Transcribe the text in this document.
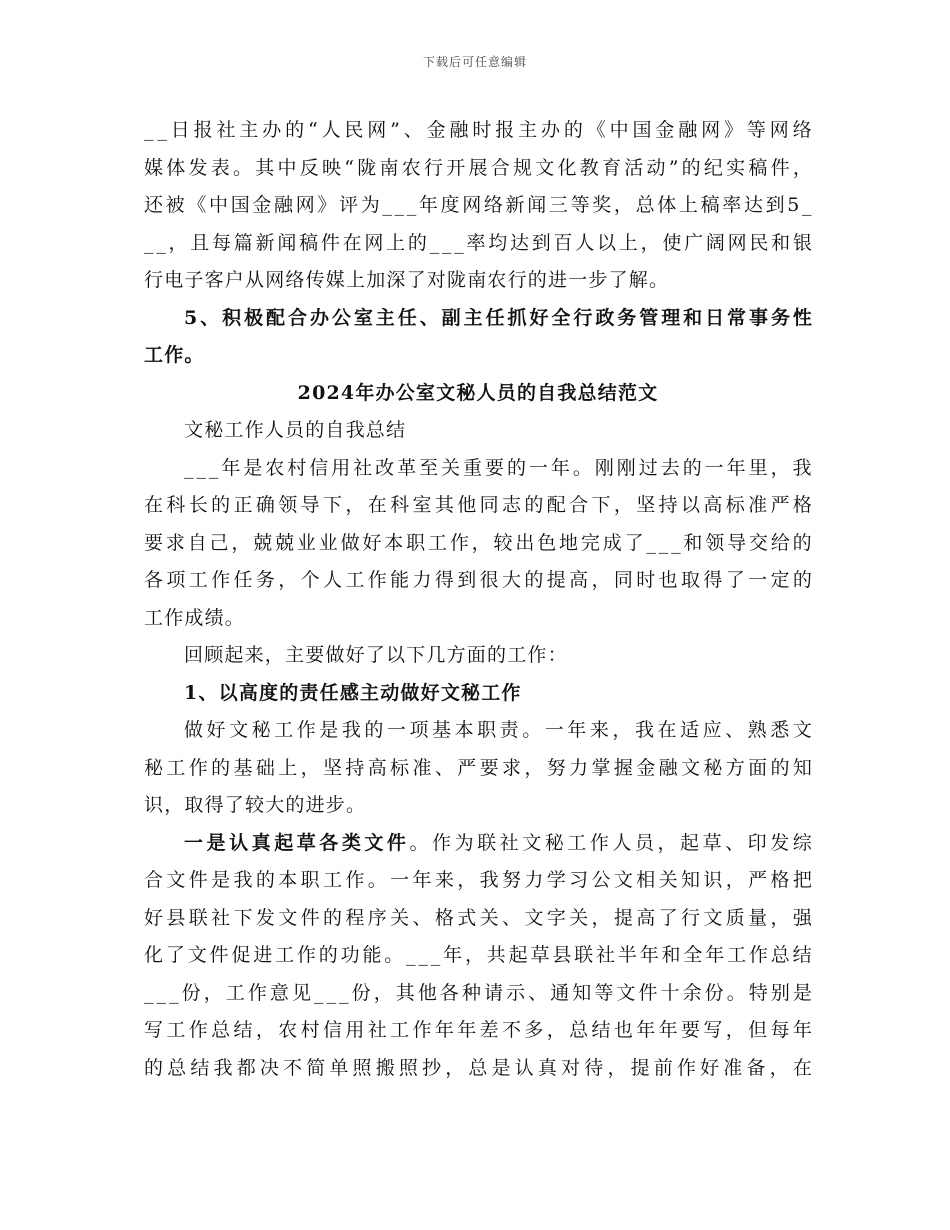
下载后可任意编辑
_ _ 日 报 社 主 办 的 “ 人 民 网 ” 、 金 融 时 报 主 办 的 《 中 国 金 融 网 》 等 网 络
媒 体 发 表 。 其 中 反 映 “ 陇 南 农 行 开 展 合 规 文 化 教 育 活 动 ” 的 纪 实 稿 件 ，
还 被 《 中 国 金 融 网 》 评 为 _ _ _ 年 度 网 络 新 闻 三 等 奖 ， 总 体 上 稿 率 达 到 5 _
_ _ ， 且 每 篇 新 闻 稿 件 在 网 上 的 _ _ _ 率 均 达 到 百 人 以 上 ， 使 广 阔 网 民 和 银
行电子客户从网络传媒上加深了对陇南农行的进一步了解。
5 、 积 极 配 合 办 公 室 主 任 、 副 主 任 抓 好 全 行 政 务 管 理 和 日 常 事 务 性
工作。
2024年办公室文秘人员的自我总结范文
文秘工作人员的自我总结
_ _ _ 年 是 农 村 信 用 社 改 革 至 关 重 要 的 一 年 。 刚 刚 过 去 的 一 年 里 ， 我
在 科 长 的 正 确 领 导 下 ， 在 科 室 其 他 同 志 的 配 合 下 ， 坚 持 以 高 标 准 严 格
要 求 自 己 ， 兢 兢 业 业 做 好 本 职 工 作 ， 较 出 色 地 完 成 了 _ _ _ 和 领 导 交 给 的
各 项 工 作 任 务 ， 个 人 工 作 能 力 得 到 很 大 的 提 高 ， 同 时 也 取 得 了 一 定 的
工作成绩。
回顾起来，主要做好了以下几方面的工作：
1、以高度的责任感主动做好文秘工作
做 好 文 秘 工 作 是 我 的 一 项 基 本 职 责 。 一 年 来 ， 我 在 适 应 、 熟 悉 文
秘 工 作 的 基 础 上 ， 坚 持 高 标 准 、 严 要 求 ， 努 力 掌 握 金 融 文 秘 方 面 的 知
识，取得了较大的进步。
一 是 认 真 起 草 各 类 文 件 。 作 为 联 社 文 秘 工 作 人 员 ， 起 草 、 印 发 综
合 文 件 是 我 的 本 职 工 作 。 一 年 来 ， 我 努 力 学 习 公 文 相 关 知 识 ， 严 格 把
好 县 联 社 下 发 文 件 的 程 序 关 、 格 式 关 、 文 字 关 ， 提 高 了 行 文 质 量 ， 强
化 了 文 件 促 进 工 作 的 功 能 。 _ _ _ 年 ， 共 起 草 县 联 社 半 年 和 全 年 工 作 总 结
_ _ _ 份 ， 工 作 意 见 _ _ _ 份 ， 其 他 各 种 请 示 、 通 知 等 文 件 十 余 份 。 特 别 是
写 工 作 总 结 ， 农 村 信 用 社 工 作 年 年 差 不 多 ， 总 结 也 年 年 要 写 ， 但 每 年
的 总 结 我 都 决 不 简 单 照 搬 照 抄 ， 总 是 认 真 对 待 ， 提 前 作 好 准 备 ， 在
